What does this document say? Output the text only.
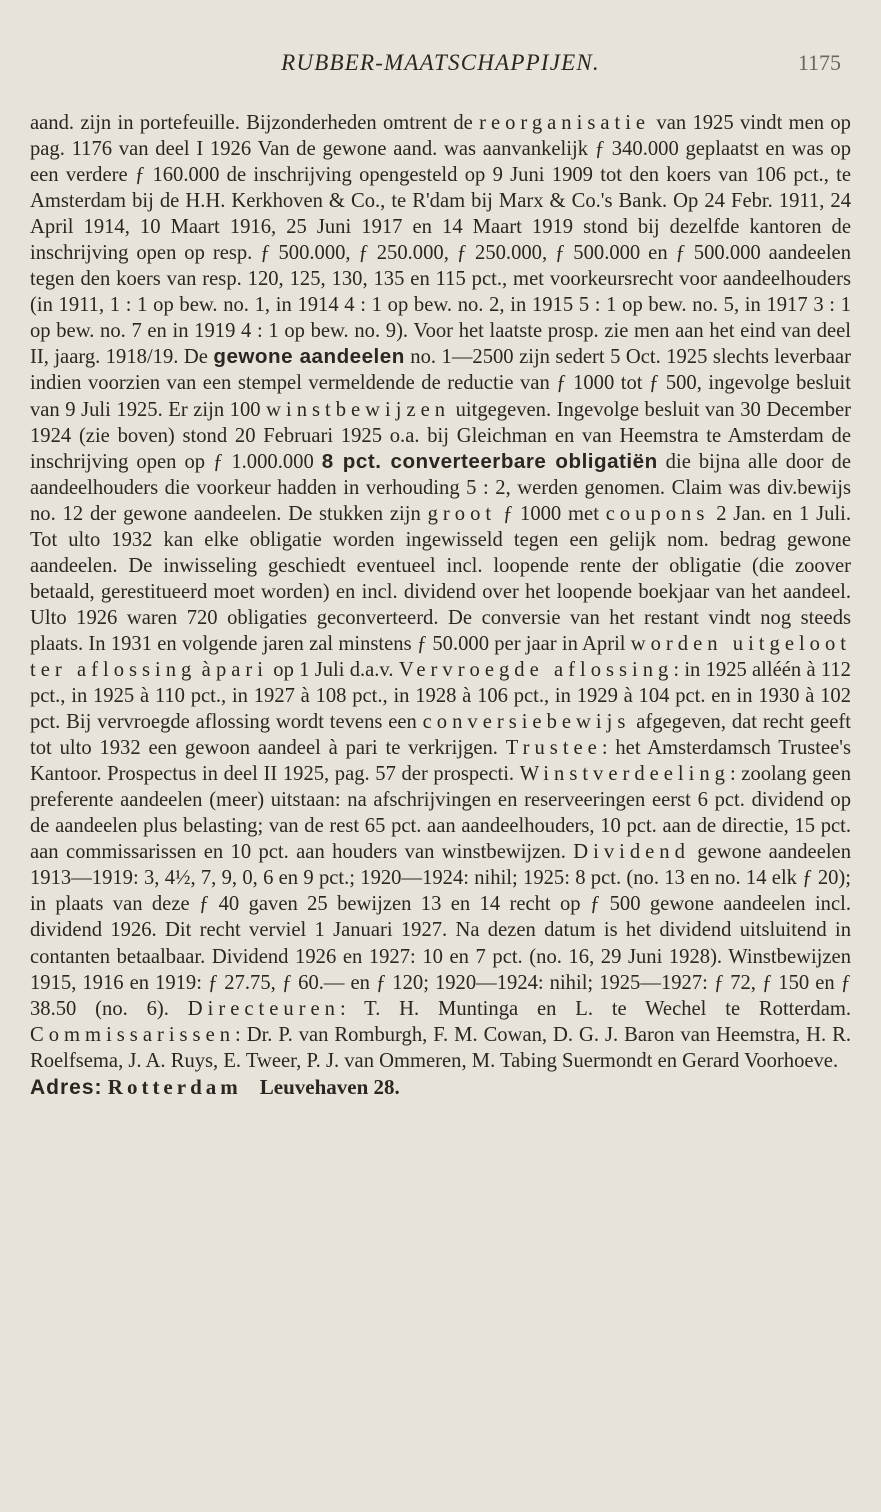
RUBBER-MAATSCHAPPIJEN.	1175

aand. zijn in portefeuille. Bijzonderheden omtrent de reorganisatie van 1925 vindt men op pag. 1176 van deel I 1926 Van de gewone aand. was aanvankelijk ƒ 340.000 geplaatst en was op een verdere ƒ 160.000 de inschrijving opengesteld op 9 Juni 1909 tot den koers van 106 pct., te Amsterdam bij de H.H. Kerkhoven & Co., te R'dam bij Marx & Co.'s Bank. Op 24 Febr. 1911, 24 April 1914, 10 Maart 1916, 25 Juni 1917 en 14 Maart 1919 stond bij dezelfde kantoren de inschrijving open op resp. ƒ 500.000, ƒ 250.000, ƒ 250.000, ƒ 500.000 en ƒ 500.000 aandeelen tegen den koers van resp. 120, 125, 130, 135 en 115 pct., met voorkeursrecht voor aandeelhouders (in 1911, 1 : 1 op bew. no. 1, in 1914 4 : 1 op bew. no. 2, in 1915 5 : 1 op bew. no. 5, in 1917 3 : 1 op bew. no. 7 en in 1919 4 : 1 op bew. no. 9). Voor het laatste prosp. zie men aan het eind van deel II, jaarg. 1918/19. De gewone aandeelen no. 1—2500 zijn sedert 5 Oct. 1925 slechts leverbaar indien voorzien van een stempel vermeldende de reductie van ƒ 1000 tot ƒ 500, ingevolge besluit van 9 Juli 1925. Er zijn 100 winstbewijzen uitgegeven. Ingevolge besluit van 30 December 1924 (zie boven) stond 20 Februari 1925 o.a. bij Gleichman en van Heemstra te Amsterdam de inschrijving open op ƒ 1.000.000 8 pct. converteerbare obligatiën die bijna alle door de aandeelhouders die voorkeur hadden in verhouding 5 : 2, werden genomen. Claim was div.bewijs no. 12 der gewone aandeelen. De stukken zijn groot ƒ 1000 met coupons 2 Jan. en 1 Juli. Tot ulto 1932 kan elke obligatie worden ingewisseld tegen een gelijk nom. bedrag gewone aandeelen. De inwisseling geschiedt eventueel incl. loopende rente der obligatie (die zoover betaald, gerestitueerd moet worden) en incl. dividend over het loopende boekjaar van het aandeel. Ulto 1926 waren 720 obligaties geconverteerd. De conversie van het restant vindt nog steeds plaats. In 1931 en volgende jaren zal minstens ƒ 50.000 per jaar in April worden uitgeloot ter aflossing à pari op 1 Juli d.a.v. Vervroegde aflossing: in 1925 alléén à 112 pct., in 1925 à 110 pct., in 1927 à 108 pct., in 1928 à 106 pct., in 1929 à 104 pct. en in 1930 à 102 pct. Bij vervroegde aflossing wordt tevens een conversiebewijs afgegeven, dat recht geeft tot ulto 1932 een gewoon aandeel à pari te verkrijgen. Trustee: het Amsterdamsch Trustee's Kantoor. Prospectus in deel II 1925, pag. 57 der prospecti. Winstverdeeling: zoolang geen preferente aandeelen (meer) uitstaan: na afschrijvingen en reserveeringen eerst 6 pct. dividend op de aandeelen plus belasting; van de rest 65 pct. aan aandeelhouders, 10 pct. aan de directie, 15 pct. aan commissarissen en 10 pct. aan houders van winstbewijzen. Dividend gewone aandeelen 1913—1919: 3, 4½, 7, 9, 0, 6 en 9 pct.; 1920—1924: nihil; 1925: 8 pct. (no. 13 en no. 14 elk ƒ 20); in plaats van deze ƒ 40 gaven 25 bewijzen 13 en 14 recht op ƒ 500 gewone aandeelen incl. dividend 1926. Dit recht verviel 1 Januari 1927. Na dezen datum is het dividend uitsluitend in contanten betaalbaar. Dividend 1926 en 1927: 10 en 7 pct. (no. 16, 29 Juni 1928). Winstbewijzen 1915, 1916 en 1919: ƒ 27.75, ƒ 60.— en ƒ 120; 1920—1924: nihil; 1925—1927: ƒ 72, ƒ 150 en ƒ 38.50 (no. 6). Directeuren: T. H. Muntinga en L. te Wechel te Rotterdam. Commissarissen: Dr. P. van Romburgh, F. M. Cowan, D. G. J. Baron van Heemstra, H. R. Roelfsema, J. A. Ruys, E. Tweer, P. J. van Ommeren, M. Tabing Suermondt en Gerard Voorhoeve.

Adres: Rotterdam Leuvehaven 28.
